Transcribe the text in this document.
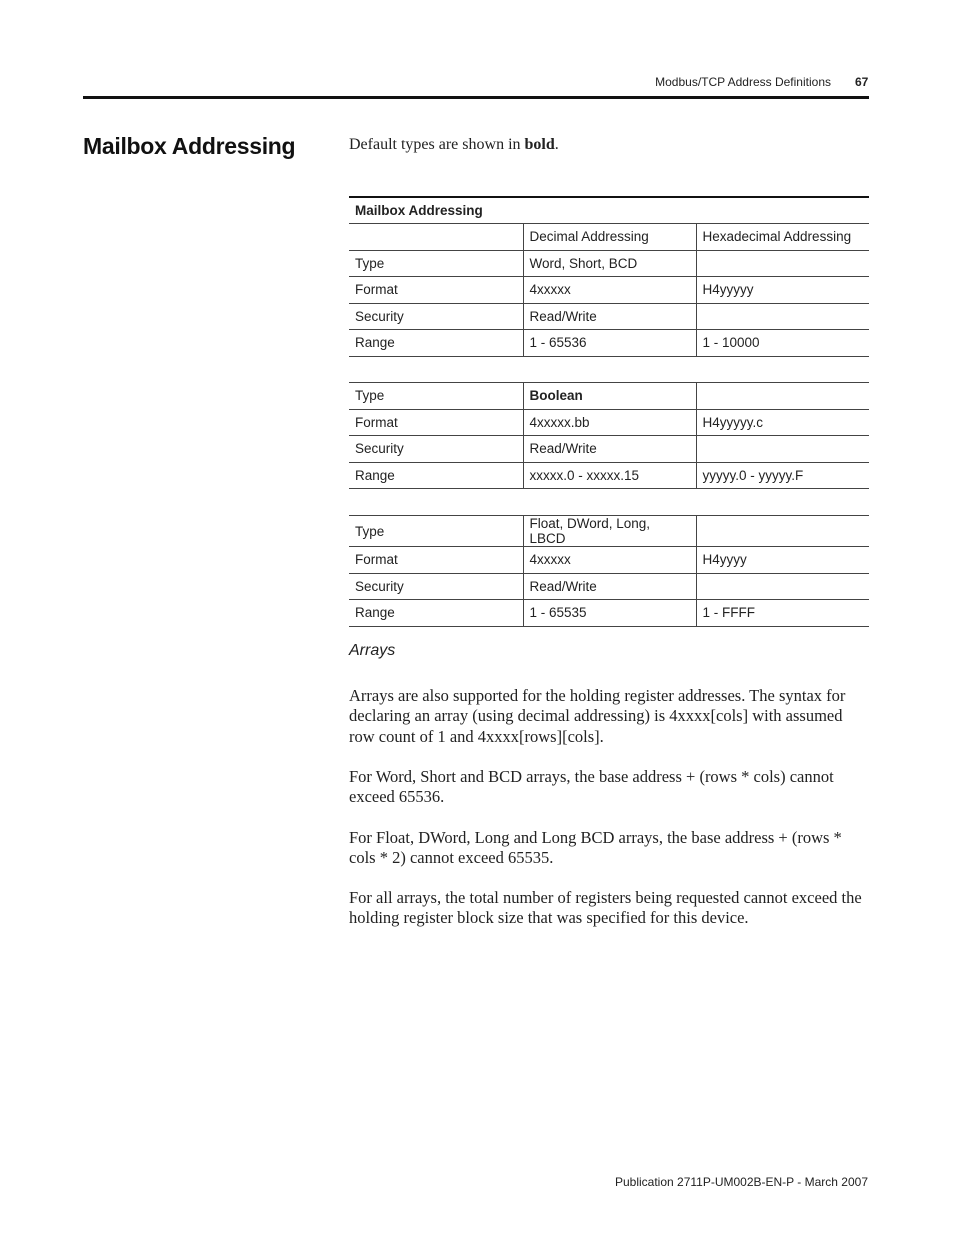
Modbus/TCP Address Definitions 67
Mailbox Addressing	Default types are shown in bold.
Mailbox Addressing		
	Decimal Addressing	Hexadecimal Addressing
Type	Word, Short, BCD	
Format	4xxxxx	H4yyyyy
Security	Read/Write	
Range	1 - 65536	1 - 10000
Type	Boolean	
Format	4xxxxx.bb	H4yyyyy.c
Security	Read/Write	
Range	xxxxx.0 - xxxxx.15	yyyyy.0 - yyyyy.F
Type	Float, DWord, Long, LBCD	
Format	4xxxxx	H4yyyy
Security	Read/Write	
Range	1 - 65535	1 - FFFF
Arrays

Arrays are also supported for the holding register addresses. The syntax for declaring an array (using decimal addressing) is 4xxxx[cols] with assumed row count of 1 and 4xxxx[rows][cols].

For Word, Short and BCD arrays, the base address + (rows * cols) cannot exceed 65536.

For Float, DWord, Long and Long BCD arrays, the base address + (rows * cols * 2) cannot exceed 65535.

For all arrays, the total number of registers being requested cannot exceed the holding register block size that was specified for this device.

Publication 2711P-UM002B-EN-P - March 2007
